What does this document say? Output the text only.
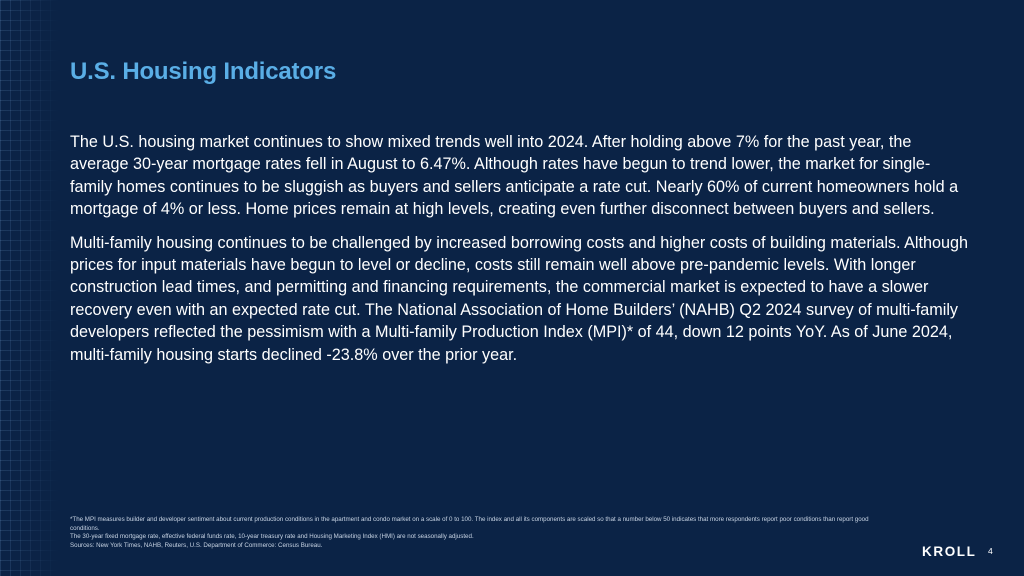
U.S. Housing Indicators

The U.S. housing market continues to show mixed trends well into 2024. After holding above 7% for the past year, the average 30-year mortgage rates fell in August to 6.47%. Although rates have begun to trend lower, the market for single-family homes continues to be sluggish as buyers and sellers anticipate a rate cut. Nearly 60% of current homeowners hold a mortgage of 4% or less. Home prices remain at high levels, creating even further disconnect between buyers and sellers.

Multi-family housing continues to be challenged by increased borrowing costs and higher costs of building materials. Although prices for input materials have begun to level or decline, costs still remain well above pre-pandemic levels. With longer construction lead times, and permitting and financing requirements, the commercial market is expected to have a slower recovery even with an expected rate cut. The National Association of Home Builders’ (NAHB) Q2 2024 survey of multi-family developers reflected the pessimism with a Multi-family Production Index (MPI)* of 44, down 12 points YoY. As of June 2024, multi-family housing starts declined -23.8% over the prior year.

*The MPI measures builder and developer sentiment about current production conditions in the apartment and condo market on a scale of 0 to 100. The index and all its components are scaled so that a number below 50 indicates that more respondents report poor conditions than report good conditions.
The 30-year fixed mortgage rate, effective federal funds rate, 10-year treasury rate and Housing Marketing Index (HMI) are not seasonally adjusted.
Sources: New York Times, NAHB, Reuters, U.S. Department of Commerce: Census Bureau.	KROLL 4
